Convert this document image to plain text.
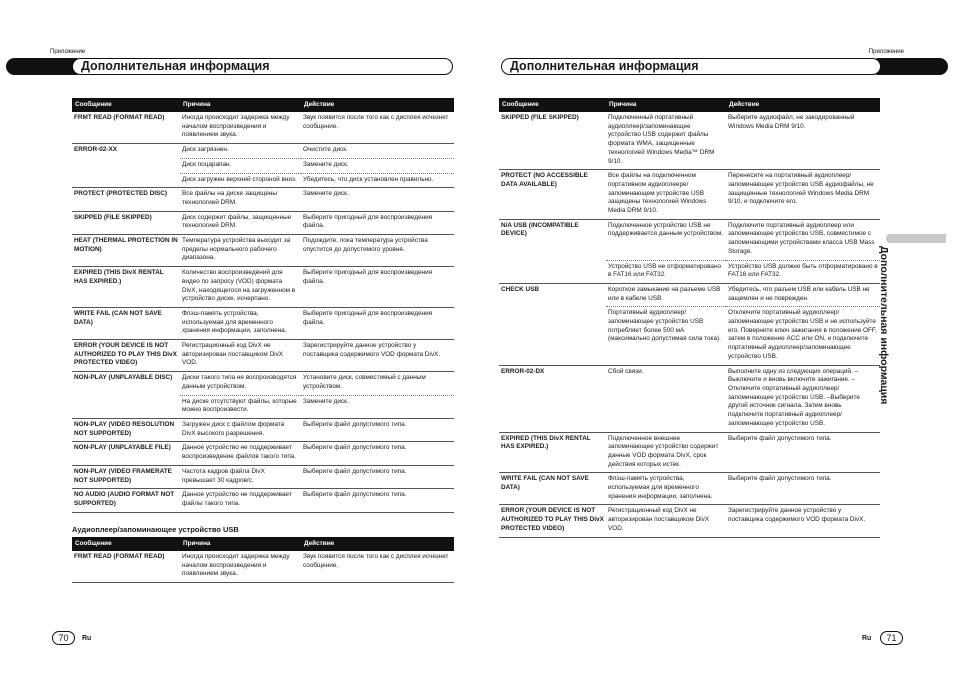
Приложение
Дополнительная информация
Сообщение	Причина	Действие
FRMT READ (FORMAT READ)	Иногда происходит задержка между началом воспроизведения и появлением звука.	Звук появится после того как с дисплея исчезнет сообщение.
ERROR-02-XX	Диск загрязнен.	Очистите диск.
	Диск поцарапан.	Замените диск.
	Диск загружен верхней стороной вниз.	Убедитесь, что диск установлен правильно.
PROTECT (PROTECTED DISC)	Все файлы на диске защищены технологией DRM.	Замените диск.
SKIPPED (FILE SKIPPED)	Диск содержит файлы, защищенные технологией DRM.	Выберите пригодный для воспроизведения файла.
HEAT (THERMAL PROTECTION IN MOTION)	Температура устройства выходит за пределы нормального рабочего диапазона.	Подождите, пока температура устройства опустится до допустимого уровня.
EXPIRED (THIS DivX RENTAL HAS EXPIRED.)	Количество воспроизведений для видео по запросу (VOD) формата DivX, находящегося на загруженном в устройство диске, исчерпано.	Выберите пригодный для воспроизведения файла.
WRITE FAIL (CAN NOT SAVE DATA)	Флэш-память устройства, используемая для временного хранения информации, заполнена.	Выберите пригодный для воспроизведения файла.
ERROR (YOUR DEVICE IS NOT AUTHORIZED TO PLAY THIS DivX PROTECTED VIDEO)	Регистрационный код DivX не авторизирован поставщиком DivX VOD.	Зарегистрируйте данное устройство у поставщика содержимого VOD формата DivX.
NON-PLAY (UNPLAYABLE DISC)	Диски такого типа не воспроизводятся данным устройством.	Установите диск, совместимый с данным устройством.
	На диске отсутствуют файлы, которые можно воспроизвести.	Замените диск.
NON-PLAY (VIDEO RESOLUTION NOT SUPPORTED)	Загружен диск с файлом формата DivX высокого разрешения.	Выберите файл допустимого типа.
NON-PLAY (UNPLAYABLE FILE)	Данное устройство не поддерживает воспроизведение файлов такого типа.	Выберите файл допустимого типа.
NON-PLAY (VIDEO FRAMERATE NOT SUPPORTED)	Частота кадров файла DivX превышает 30 кадров/с.	Выберите файл допустимого типа.
NO AUDIO (AUDIO FORMAT NOT SUPPORTED)	Данное устройство не поддерживает файлы такого типа.	Выберите файл допустимого типа.
Аудиоплеер/запоминающее устройство USB
Сообщение	Причина	Действие
FRMT READ (FORMAT READ)	Иногда происходит задержка между началом воспроизведения и появлением звука.	Звук появится после того как с дисплея исчезнет сообщение.
70	Ru
Приложение
Дополнительная информация
Сообщение	Причина	Действие
SKIPPED (FILE SKIPPED)	Подключенный портативный аудиоплеер/запоминающее устройство USB содержит файлы формата WMA, защищенные технологией Windows Media™ DRM 9/10.	Выберите аудиофайл, не закодированный Windows Media DRM 9/10.
PROTECT (NO ACCESSIBLE DATA AVAILABLE)	Все файлы на подключенном портативном аудиоплеере/запоминающем устройстве USB защищены технологией Windows Media DRM 9/10.	Перенесите на портативный аудиоплеер/запоминающее устройство USB аудиофайлы, не защищенные технологией Windows Media DRM 9/10, и подключите его.
N/A USB (INCOMPATIBLE DEVICE)	Подключенное устройство USB не поддерживается данным устройством.	Подключите портативный аудиоплеер или запоминающее устройство USB, совместимое с запоминающими устройствами класса USB Mass Storage.
	Устройство USB не отформатировано в FAT16 или FAT32.	Устройство USB должно быть отформатировано в FAT16 или FAT32.
CHECK USB	Короткое замыкание на разъеме USB или в кабеле USB.	Убедитесь, что разъем USB или кабель USB не защемлен и не поврежден.
	Портативный аудиоплеер/запоминающее устройство USB потребляет более 500 мА (максимально допустимая сила тока).	Отключите портативный аудиоплеер/запоминающее устройство USB и не используйте его. Поверните ключ зажигания в положение OFF, затем в положение ACC или ON, и подключите портативный аудиоплеер/запоминающее устройство USB.
ERROR-02-DX	Сбой связи.	Выполните одну из следующих операций. –Выключите и вновь включите зажигание. –Отключите портативный аудиоплеер/запоминающее устройство USB. –Выберите другой источник сигнала. Затем вновь подключите портативный аудиоплеер/запоминающее устройство USB.
EXPIRED (THIS DivX RENTAL HAS EXPIRED.)	Подключенное внешнее запоминающее устройство содержит данные VOD формата DivX, срок действия которых истек.	Выберите файл допустимого типа.
WRITE FAIL (CAN NOT SAVE DATA)	Флэш-память устройства, используемая для временного хранения информации, заполнена.	Выберите файл допустимого типа.
ERROR (YOUR DEVICE IS NOT AUTHORIZED TO PLAY THIS DivX PROTECTED VIDEO)	Регистрационный код DivX не авторизирован поставщиком DivX VOD.	Зарегистрируйте данное устройство у поставщика содержимого VOD формата DivX.
Дополнительная информация
Ru	71
